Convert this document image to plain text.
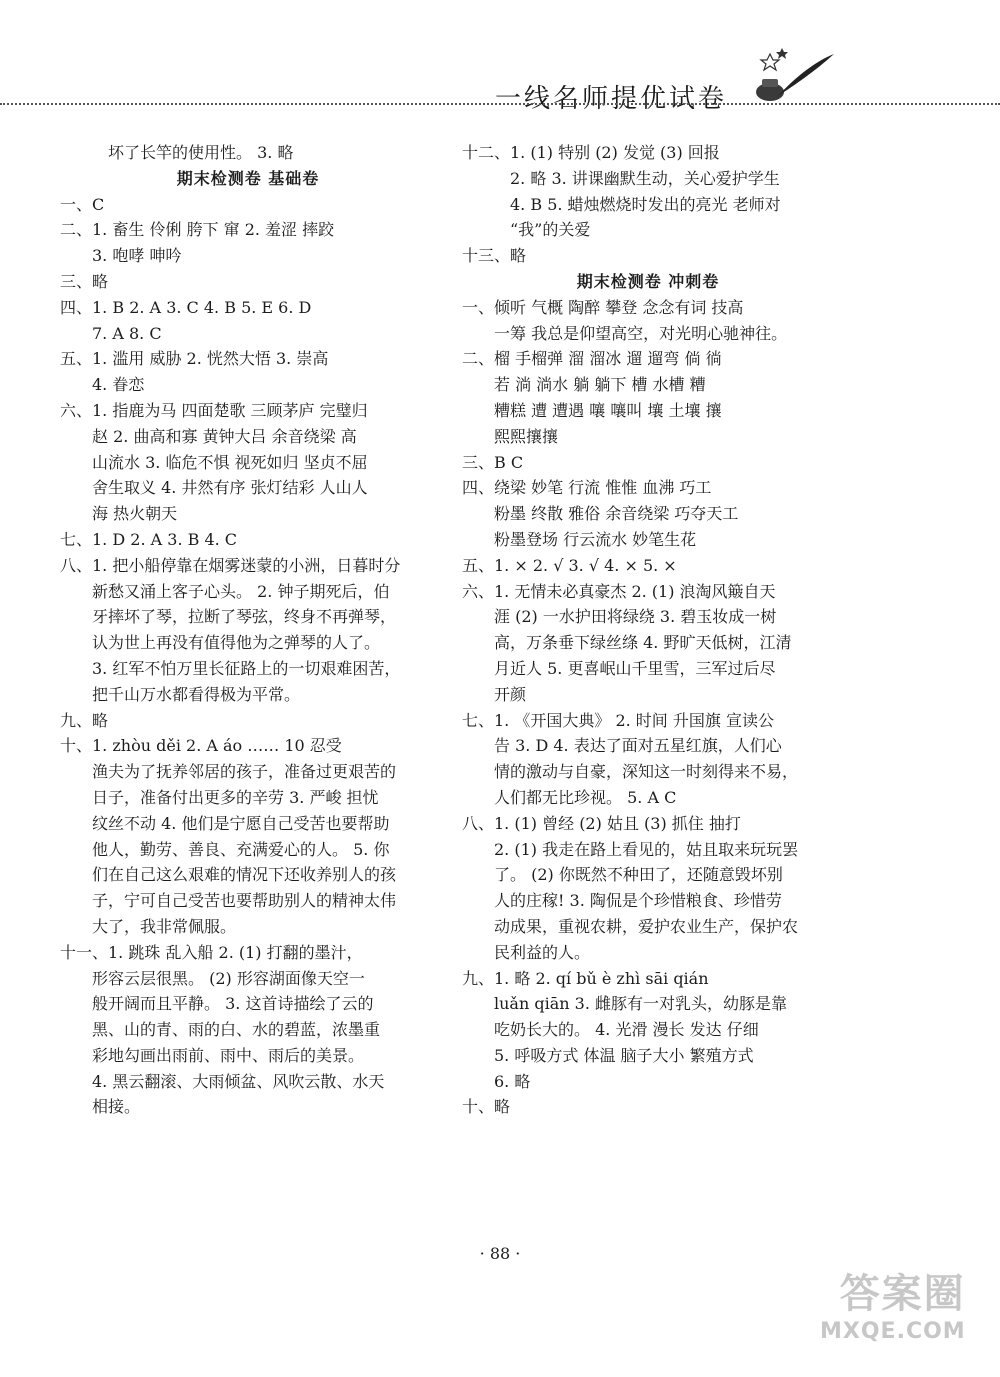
一线名师提优试卷
坏了长竿的使用性。 3. 略
期末检测卷 基础卷
一、C
二、1. 畜生 伶俐 胯下 窜 2. 羞涩 摔跤
3. 咆哮 呻吟
三、略
四、1. B 2. A 3. C 4. B 5. E 6. D
7. A 8. C
五、1. 滥用 威胁 2. 恍然大悟 3. 崇高
4. 眷恋
六、1. 指鹿为马 四面楚歌 三顾茅庐 完璧归
赵 2. 曲高和寡 黄钟大吕 余音绕梁 高
山流水 3. 临危不惧 视死如归 坚贞不屈
舍生取义 4. 井然有序 张灯结彩 人山人
海 热火朝天
七、1. D 2. A 3. B 4. C
八、1. 把小船停靠在烟雾迷蒙的小洲，日暮时分
新愁又涌上客子心头。 2. 钟子期死后，伯
牙摔坏了琴，拉断了琴弦，终身不再弹琴，
认为世上再没有值得他为之弹琴的人了。
3. 红军不怕万里长征路上的一切艰难困苦，
把千山万水都看得极为平常。
九、略
十、1. zhòu děi 2. A áo …… 10 忍受
渔夫为了抚养邻居的孩子，准备过更艰苦的
日子，准备付出更多的辛劳 3. 严峻 担忧
纹丝不动 4. 他们是宁愿自己受苦也要帮助
他人，勤劳、善良、充满爱心的人。 5. 你
们在自己这么艰难的情况下还收养别人的孩
子，宁可自己受苦也要帮助别人的精神太伟
大了，我非常佩服。
十一、1. 跳珠 乱入船 2. (1) 打翻的墨汁，
形容云层很黑。 (2) 形容湖面像天空一
般开阔而且平静。 3. 这首诗描绘了云的
黑、山的青、雨的白、水的碧蓝，浓墨重
彩地勾画出雨前、雨中、雨后的美景。
4. 黑云翻滚、大雨倾盆、风吹云散、水天
相接。
十二、1. (1) 特别 (2) 发觉 (3) 回报
2. 略 3. 讲课幽默生动，关心爱护学生
4. B 5. 蜡烛燃烧时发出的亮光 老师对
“我”的关爱
十三、略
期末检测卷 冲刺卷
一、倾听 气概 陶醉 攀登 念念有词 技高
一筹 我总是仰望高空，对光明心驰神往。
二、榴 手榴弹 溜 溜冰 遛 遛弯 倘 徜
若 淌 淌水 躺 躺下 槽 水槽 糟
糟糕 遭 遭遇 嚷 嚷叫 壤 土壤 攘
熙熙攘攘
三、B C
四、绕梁 妙笔 行流 惟惟 血沸 巧工
粉墨 终散 雅俗 余音绕梁 巧夺天工
粉墨登场 行云流水 妙笔生花
五、1. × 2. √ 3. √ 4. × 5. ×
六、1. 无情未必真豪杰 2. (1) 浪淘风簸自天
涯 (2) 一水护田将绿绕 3. 碧玉妆成一树
高，万条垂下绿丝绦 4. 野旷天低树，江清
月近人 5. 更喜岷山千里雪，三军过后尽
开颜
七、1. 《开国大典》 2. 时间 升国旗 宣读公
告 3. D 4. 表达了面对五星红旗，人们心
情的激动与自豪，深知这一时刻得来不易，
人们都无比珍视。 5. A C
八、1. (1) 曾经 (2) 姑且 (3) 抓住 抽打
2. (1) 我走在路上看见的，姑且取来玩玩罢
了。 (2) 你既然不种田了，还随意毁坏别
人的庄稼! 3. 陶侃是个珍惜粮食、珍惜劳
动成果，重视农耕，爱护农业生产，保护农
民利益的人。
九、1. 略 2. qí bǔ è zhì sāi qián
luǎn qiān 3. 雌豚有一对乳头，幼豚是靠
吃奶长大的。 4. 光滑 漫长 发达 仔细
5. 呼吸方式 体温 脑子大小 繁殖方式
6. 略
十、略
· 88 ·
答案圈
MXQE.COM
